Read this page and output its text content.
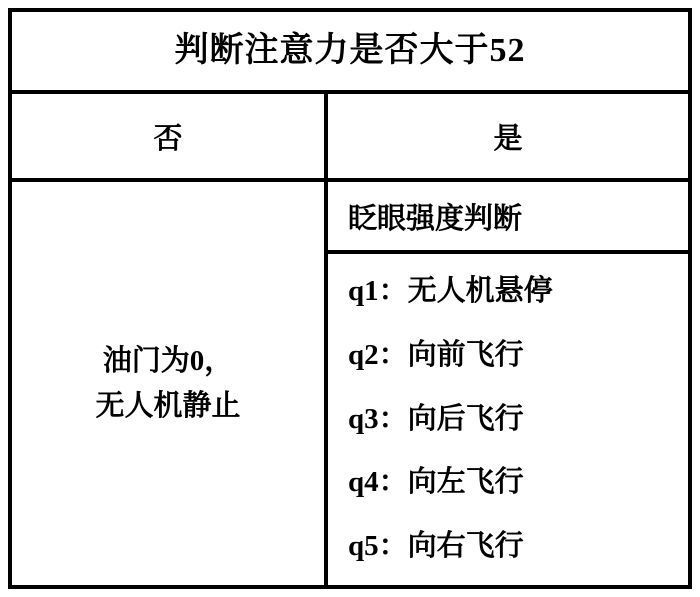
判断注意力是否大于52
否	是
油门为0，
无人机静止
眨眼强度判断
q1：无人机悬停
q2：向前飞行
q3：向后飞行
q4：向左飞行
q5：向右飞行
